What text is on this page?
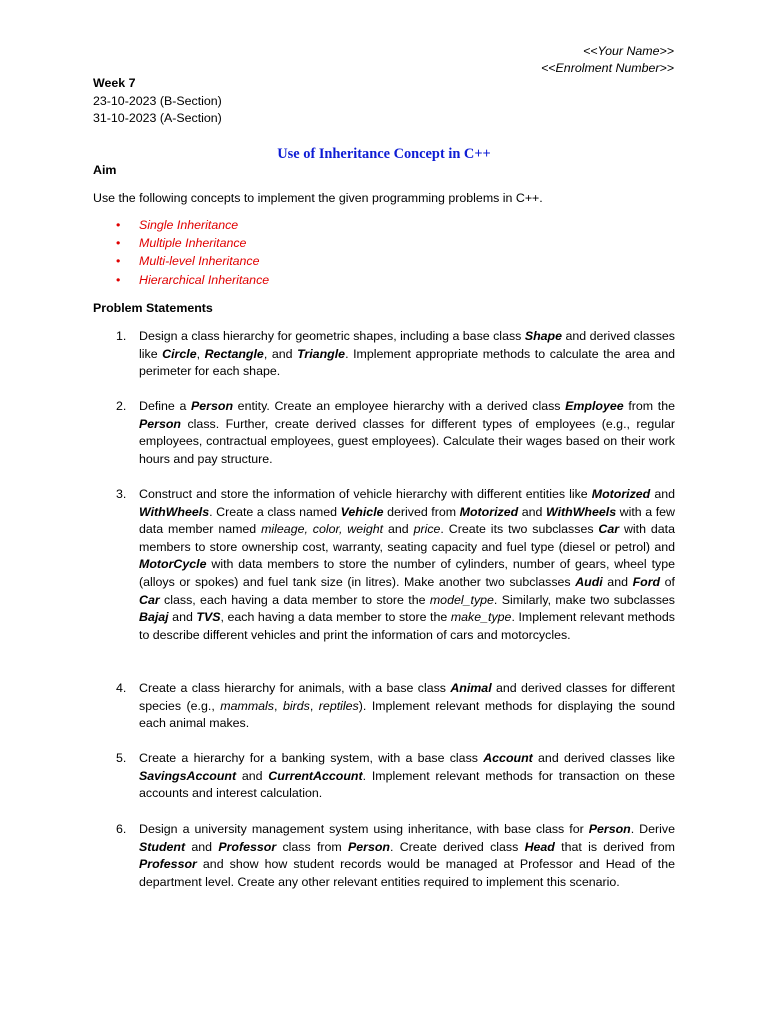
<<Your Name>>
<<Enrolment Number>>
Week 7
23-10-2023 (B-Section)
31-10-2023 (A-Section)
Use of Inheritance Concept in C++
Aim
Use the following concepts to implement the given programming problems in C++.
• Single Inheritance
• Multiple Inheritance
• Multi-level Inheritance
• Hierarchical Inheritance
Problem Statements
1. Design a class hierarchy for geometric shapes, including a base class Shape and derived classes like Circle, Rectangle, and Triangle. Implement appropriate methods to calculate the area and perimeter for each shape.
2. Define a Person entity. Create an employee hierarchy with a derived class Employee from the Person class. Further, create derived classes for different types of employees (e.g., regular employees, contractual employees, guest employees). Calculate their wages based on their work hours and pay structure.
3. Construct and store the information of vehicle hierarchy with different entities like Motorized and WithWheels. Create a class named Vehicle derived from Motorized and WithWheels with a few data member named mileage, color, weight and price. Create its two subclasses Car with data members to store ownership cost, warranty, seating capacity and fuel type (diesel or petrol) and MotorCycle with data members to store the number of cylinders, number of gears, wheel type (alloys or spokes) and fuel tank size (in litres). Make another two subclasses Audi and Ford of Car class, each having a data member to store the model_type. Similarly, make two subclasses Bajaj and TVS, each having a data member to store the make_type. Implement relevant methods to describe different vehicles and print the information of cars and motorcycles.
4. Create a class hierarchy for animals, with a base class Animal and derived classes for different species (e.g., mammals, birds, reptiles). Implement relevant methods for displaying the sound each animal makes.
5. Create a hierarchy for a banking system, with a base class Account and derived classes like SavingsAccount and CurrentAccount. Implement relevant methods for transaction on these accounts and interest calculation.
6. Design a university management system using inheritance, with base class for Person. Derive Student and Professor class from Person. Create derived class Head that is derived from Professor and show how student records would be managed at Professor and Head of the department level. Create any other relevant entities required to implement this scenario.
